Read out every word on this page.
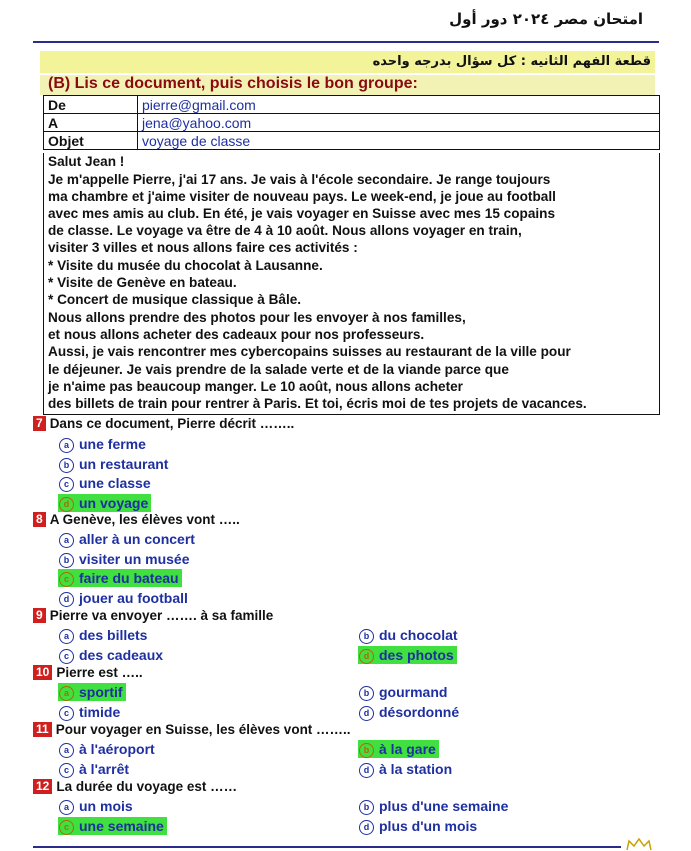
امتحان مصر ٢٠٢٤ دور أول
قطعة الفهم الثانيه : كل سؤال بدرجه واحده
(B) Lis ce document, puis choisis le bon groupe:
De	pierre@gmail.com
A	jena@yahoo.com
Objet	voyage de classe
Salut Jean !
Je m'appelle Pierre, j'ai 17 ans. Je vais à l'école secondaire. Je range toujours
ma chambre et j'aime visiter de nouveau pays. Le week-end, je joue au football
avec mes amis au club. En été, je vais voyager en Suisse avec mes 15 copains
de classe. Le voyage va être de 4 à 10 août. Nous allons voyager en train,
visiter 3 villes et nous allons faire ces activités :
* Visite du musée du chocolat à Lausanne.
* Visite de Genève en bateau.
* Concert de musique classique à Bâle.
Nous allons prendre des photos pour les envoyer à nos familles,
et nous allons acheter des cadeaux pour nos professeurs.
Aussi, je vais rencontrer mes cybercopains suisses au restaurant de la ville pour
le déjeuner. Je vais prendre de la salade verte et de la viande parce que
je n'aime pas beaucoup manger. Le 10 août, nous allons acheter
des billets de train pour rentrer à Paris. Et toi, écris moi de tes projets de vacances.
7 Dans ce document, Pierre décrit ……..
a une ferme
b un restaurant
c une classe
d un voyage
8 A Genève, les élèves vont …..
a aller à un concert
b visiter un musée
c faire du bateau
d jouer au football
9 Pierre va envoyer ……. à sa famille
a des billets	b du chocolat
c des cadeaux	d des photos
10 Pierre est …..
a sportif	b gourmand
c timide	d désordonné
11 Pour voyager en Suisse, les élèves vont ……..
a à l'aéroport	b à la gare
c à l'arrêt	d à la station
12 La durée du voyage est ……
a un mois	b plus d'une semaine
c une semaine	d plus d'un mois
